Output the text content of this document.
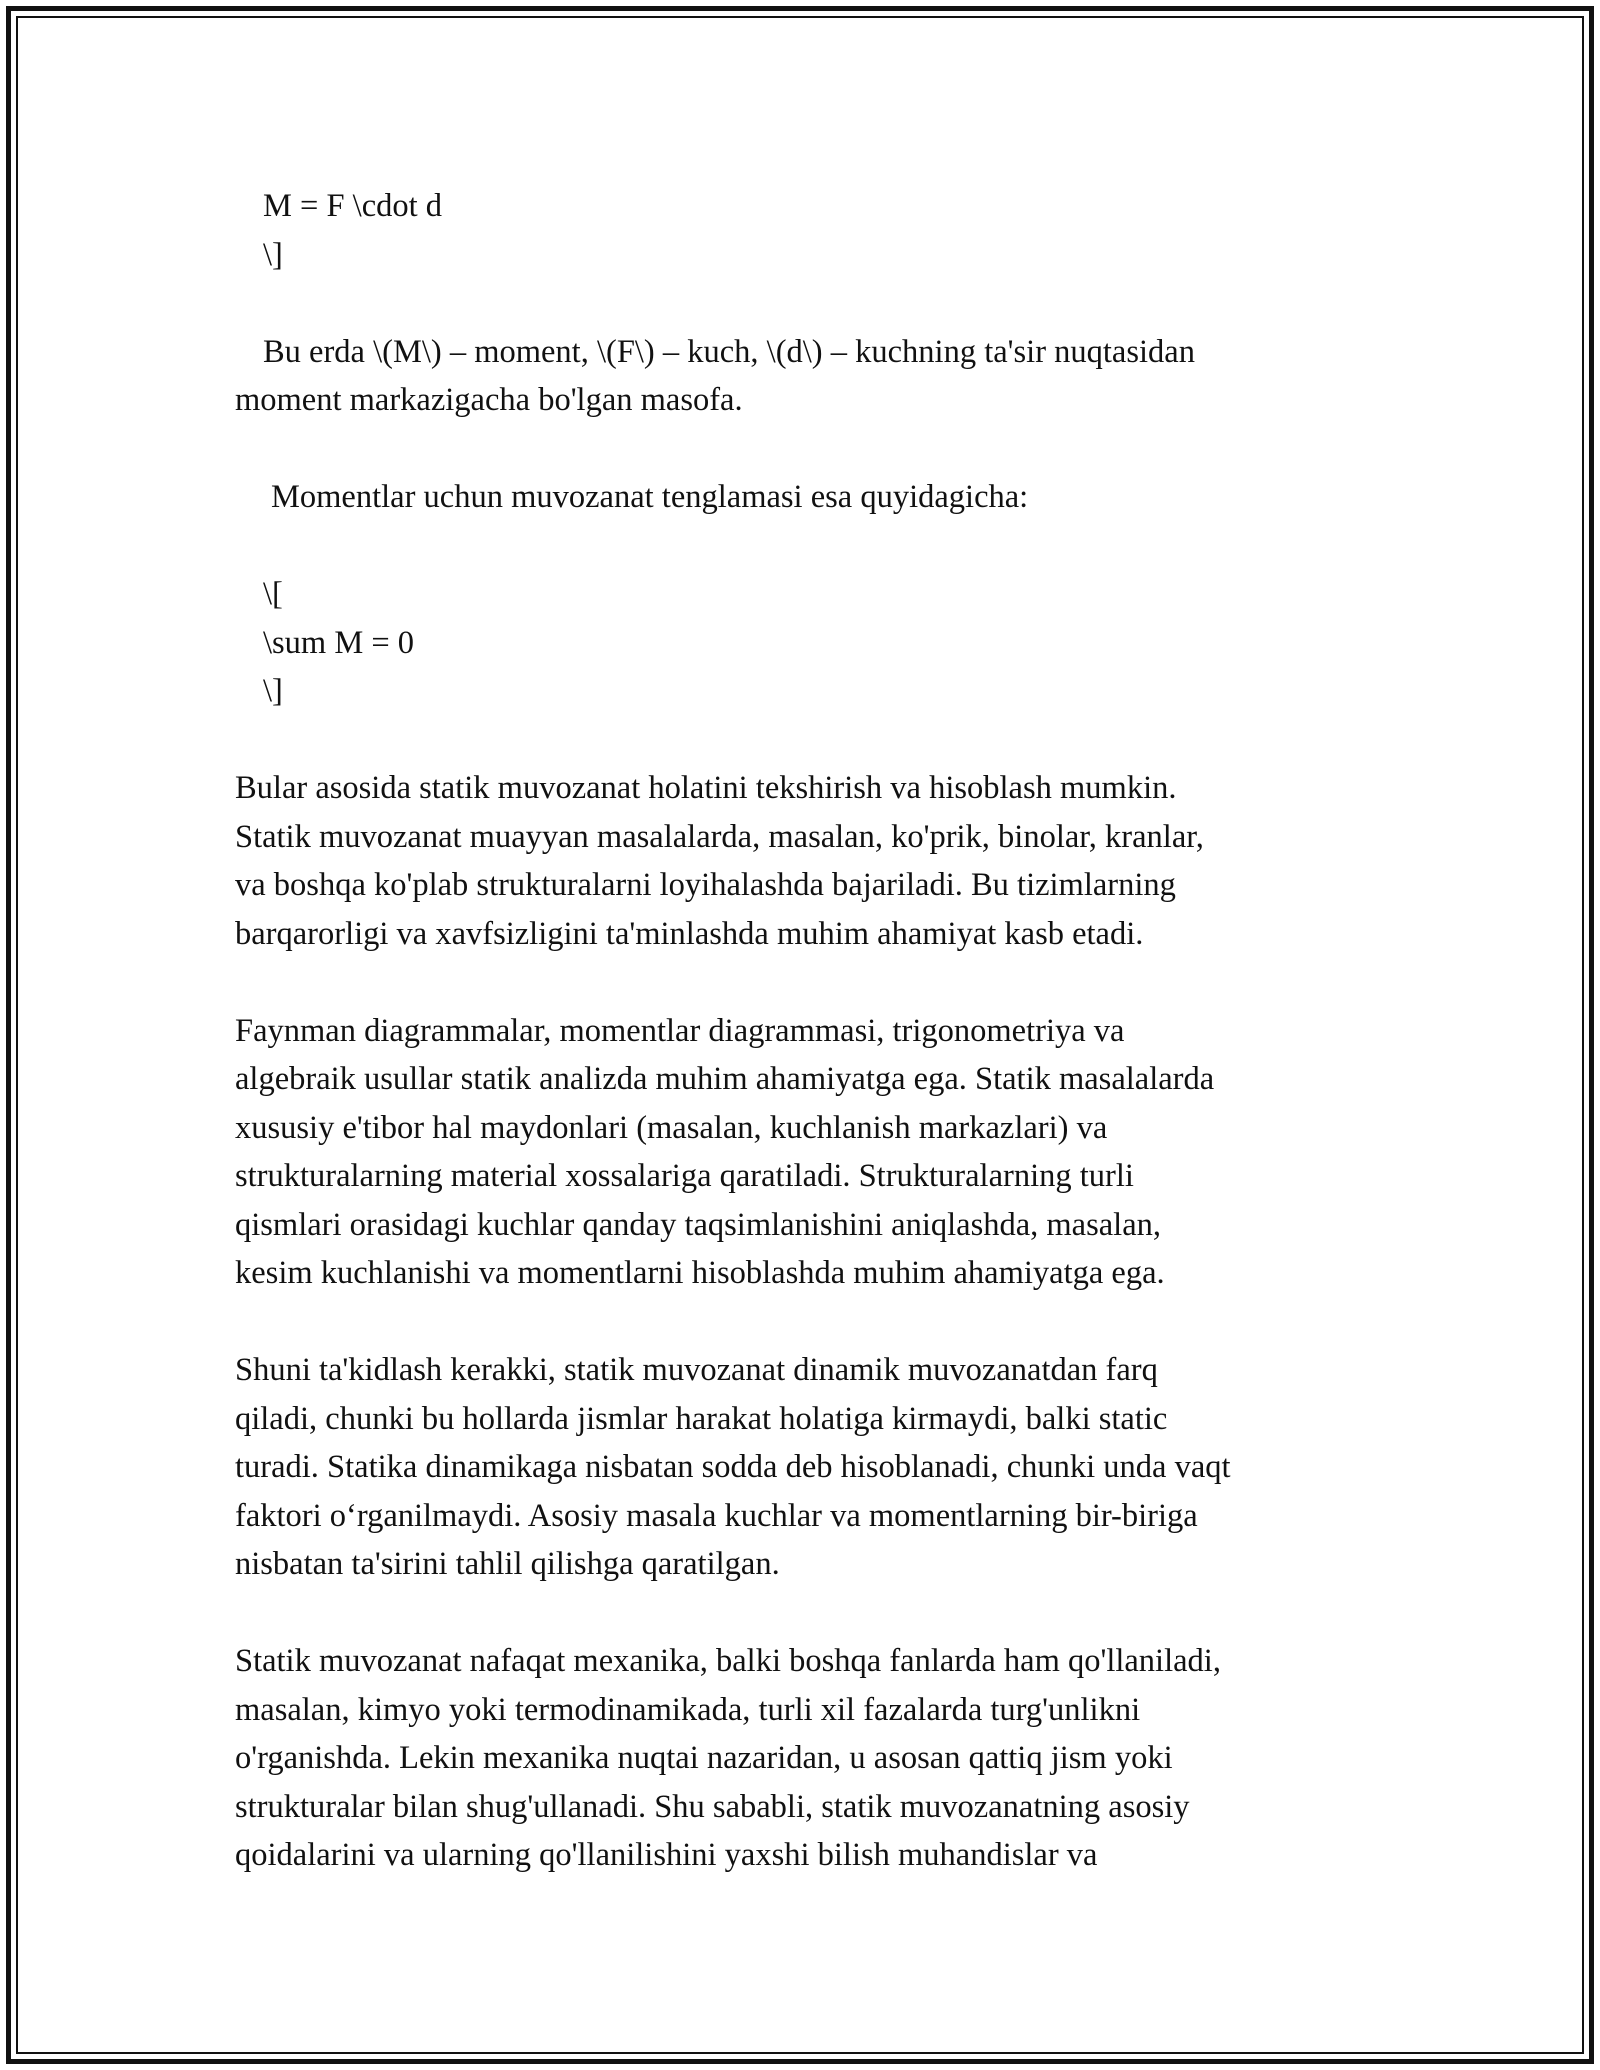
M = F \cdot d

\]

Bu erda \(M\) – moment, \(F\) – kuch, \(d\) – kuchning ta'sir nuqtasidan

moment markazigacha bo'lgan masofa.

Momentlar uchun muvozanat tenglamasi esa quyidagicha:

\[

\sum M = 0

\]

Bular asosida statik muvozanat holatini tekshirish va hisoblash mumkin.

Statik muvozanat muayyan masalalarda, masalan, ko'prik, binolar, kranlar,

va boshqa ko'plab strukturalarni loyihalashda bajariladi. Bu tizimlarning

barqarorligi va xavfsizligini ta'minlashda muhim ahamiyat kasb etadi.

Faynman diagrammalar, momentlar diagrammasi, trigonometriya va

algebraik usullar statik analizda muhim ahamiyatga ega. Statik masalalarda

xususiy e'tibor hal maydonlari (masalan, kuchlanish markazlari) va

strukturalarning material xossalariga qaratiladi. Strukturalarning turli

qismlari orasidagi kuchlar qanday taqsimlanishini aniqlashda, masalan,

kesim kuchlanishi va momentlarni hisoblashda muhim ahamiyatga ega.

Shuni ta'kidlash kerakki, statik muvozanat dinamik muvozanatdan farq

qiladi, chunki bu hollarda jismlar harakat holatiga kirmaydi, balki static

turadi. Statika dinamikaga nisbatan sodda deb hisoblanadi, chunki unda vaqt

faktori o‘rganilmaydi. Asosiy masala kuchlar va momentlarning bir-biriga

nisbatan ta'sirini tahlil qilishga qaratilgan.

Statik muvozanat nafaqat mexanika, balki boshqa fanlarda ham qo'llaniladi,

masalan, kimyo yoki termodinamikada, turli xil fazalarda turg'unlikni

o'rganishda. Lekin mexanika nuqtai nazaridan, u asosan qattiq jism yoki

strukturalar bilan shug'ullanadi. Shu sababli, statik muvozanatning asosiy

qoidalarini va ularning qo'llanilishini yaxshi bilish muhandislar va
